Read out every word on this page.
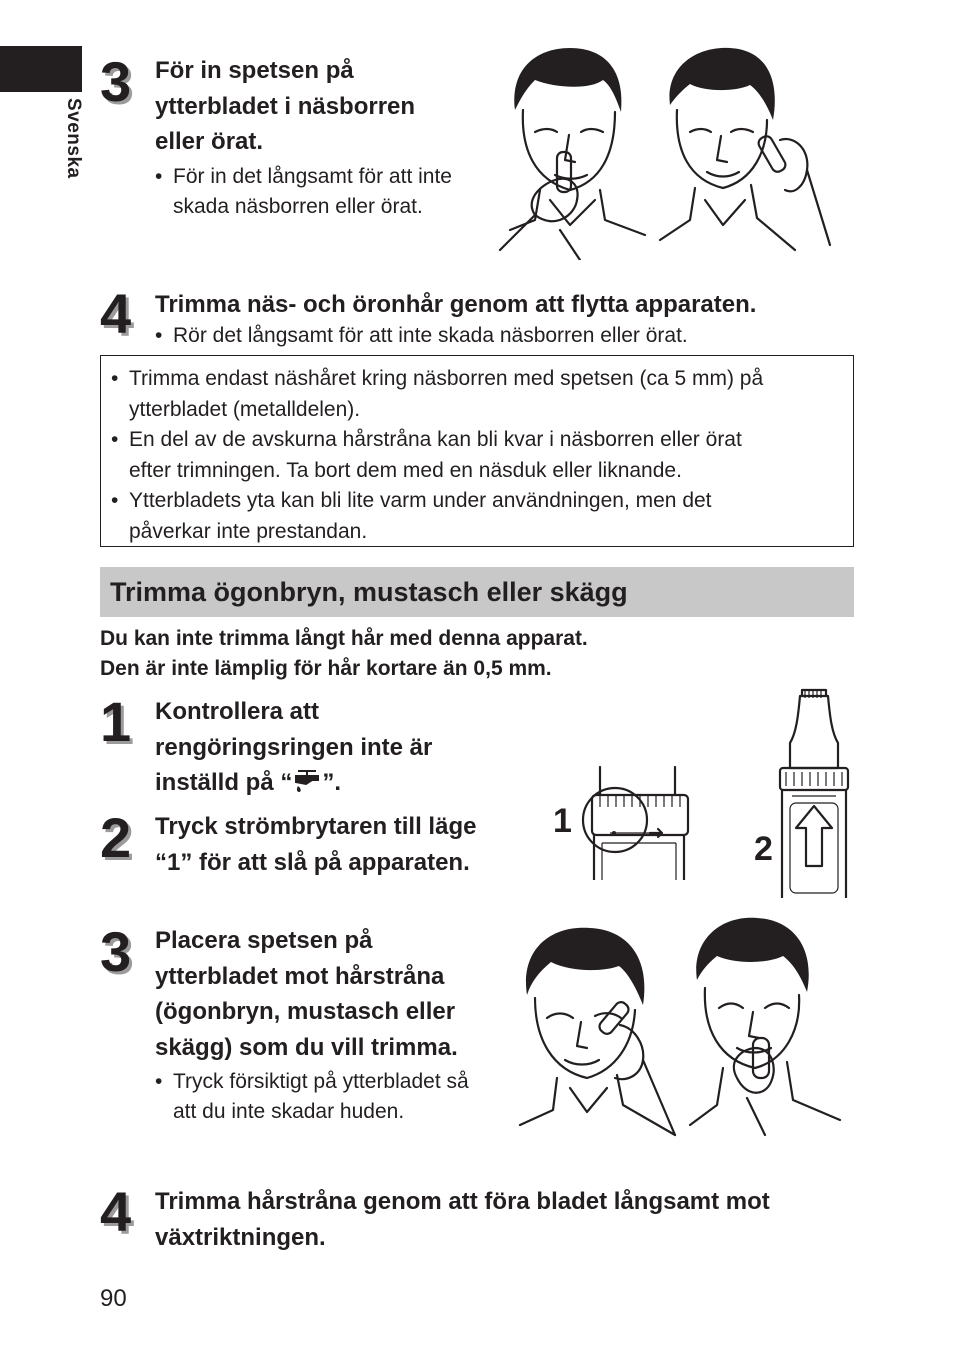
Svenska
3 För in spetsen på
ytterbladet i näsborren
eller örat.
• För in det långsamt för att inte
skada näsborren eller örat.
4 Trimma näs- och öronhår genom att flytta apparaten.
• Rör det långsamt för att inte skada näsborren eller örat.
• Trimma endast näshåret kring näsborren med spetsen (ca 5 mm) på
ytterbladet (metalldelen).
• En del av de avskurna hårstråna kan bli kvar i näsborren eller örat
efter trimningen. Ta bort dem med en näsduk eller liknande.
• Ytterbladets yta kan bli lite varm under användningen, men det
påverkar inte prestandan.
Trimma ögonbryn, mustasch eller skägg
Du kan inte trimma långt hår med denna apparat.
Den är inte lämplig för hår kortare än 0,5 mm.
1 Kontrollera att
rengöringsringen inte är
inställd på “ ”.
2 Tryck strömbrytaren till läge
“1” för att slå på apparaten.
1
2
3 Placera spetsen på
ytterbladet mot hårstråna
(ögonbryn, mustasch eller
skägg) som du vill trimma.
• Tryck försiktigt på ytterbladet så
att du inte skadar huden.
4 Trimma hårstråna genom att föra bladet långsamt mot
växtriktningen.
90
